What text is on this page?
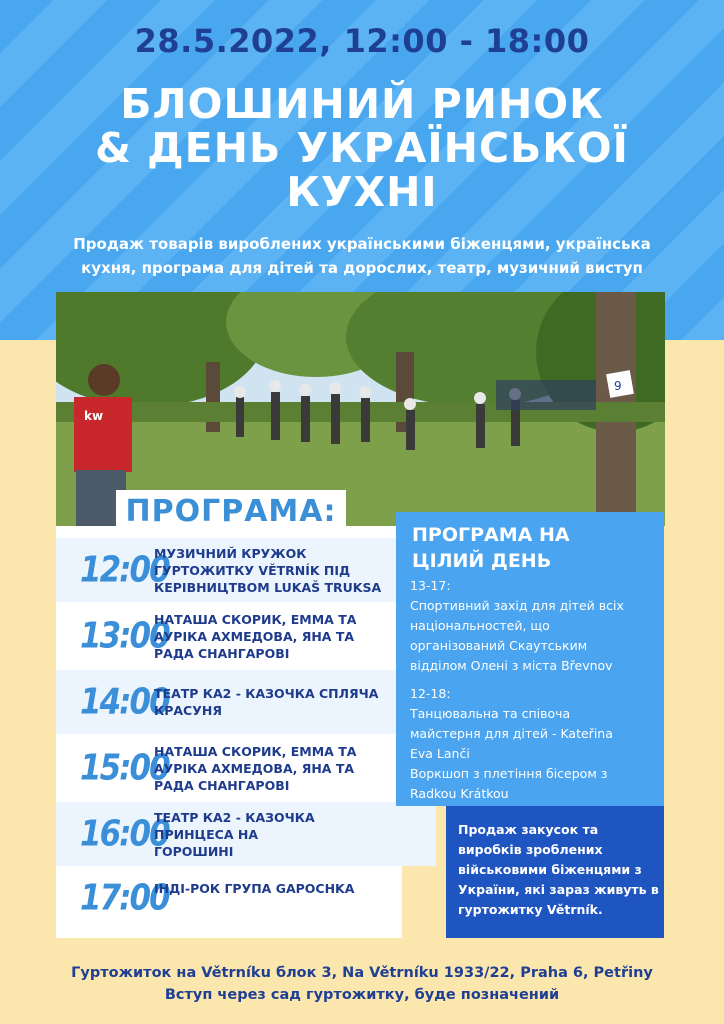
28.5.2022, 12:00 - 18:00
БЛОШИНИЙ РИНОК
& ДЕНЬ УКРАЇНСЬКОЇ
КУХНІ
Продаж товарів вироблених українськими біженцями, українська
кухня, програма для дітей та дорослих, театр, музичний виступ
kw
9
12:00
МУЗИЧНИЙ КРУЖОК
ГУРТОЖИТКУ VĚTRNÍK ПІД
КЕРІВНИЦТВОМ LUKAŠ TRUKSA
13:00
НАТАША СКОРИК, ЕММА ТА
АУРІКА АХМЕДОВА, ЯНА ТА
РАДА СНАНГАРОВІ
14:00
ТЕАТР КА2 - КАЗОЧКА СПЛЯЧА
КРАСУНЯ
15:00
НАТАША СКОРИК, ЕММА ТА
АУРІКА АХМЕДОВА, ЯНА ТА
РАДА СНАНГАРОВІ
16:00
ТЕАТР КА2 - КАЗОЧКА
ПРИНЦЕСА НА
ГОРОШИНІ
17:00
ІНДІ-РОК ГРУПА GAPOCHKA
ПРОГРАМА:
ПРОГРАМА НА
ЦІЛИЙ ДЕНЬ
13-17:
Спортивний захід для дітей всіх
національностей, що
організований Скаутським
відділом Олені з міста Břevnov
12-18:
Танцювальна та співоча
майстерня для дітей - Kateřina
Eva Lanči
Воркшоп з плетіння бісером з
Radkou Krátkou
Продаж закусок та
виробків зроблених
військовими біженцями з
України, які зараз живуть в
гуртожитку Větrník.
Гуртожиток на Větrníku блок 3, Na Větrníku 1933/22, Praha 6, Petřiny
Вступ через сад гуртожитку, буде позначений
